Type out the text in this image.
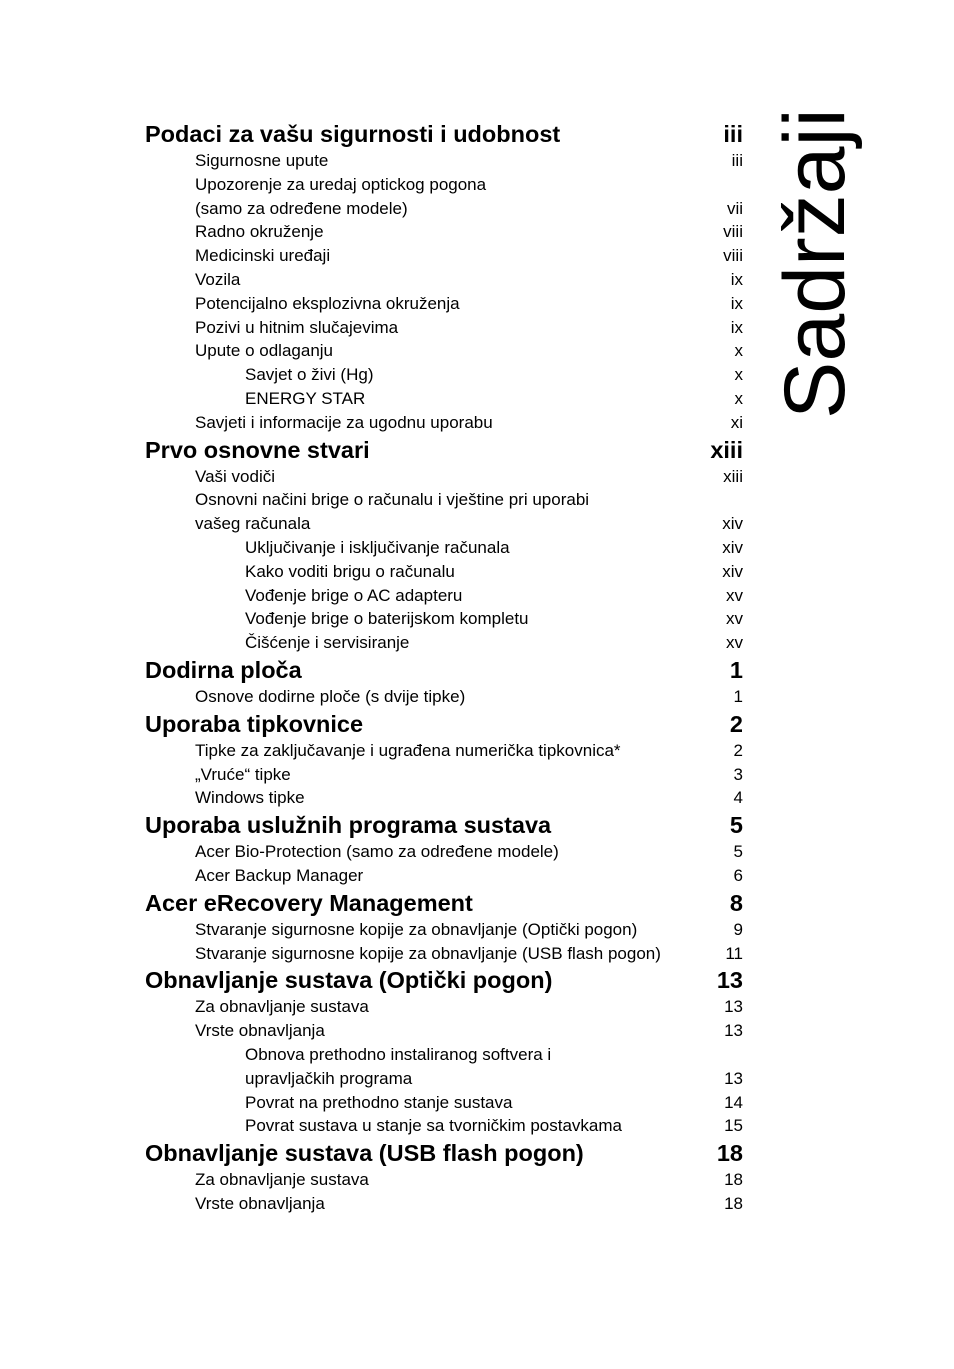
Sadržaji
Podaci za vašu sigurnosti i udobnost	iii
Sigurnosne upute	iii
Upozorenje za uredaj optickog pogona
(samo za određene modele)	vii
Radno okruženje	viii
Medicinski uređaji	viii
Vozila	ix
Potencijalno eksplozivna okruženja	ix
Pozivi u hitnim slučajevima	ix
Upute o odlaganju	x
Savjet o živi (Hg)	x
ENERGY STAR	x
Savjeti i informacije za ugodnu uporabu	xi
Prvo osnovne stvari	xiii
Vaši vodiči	xiii
Osnovni načini brige o računalu i vještine pri uporabi
vašeg računala	xiv
Uključivanje i isključivanje računala	xiv
Kako voditi brigu o računalu	xiv
Vođenje brige o AC adapteru	xv
Vođenje brige o baterijskom kompletu	xv
Čišćenje i servisiranje	xv
Dodirna ploča	1
Osnove dodirne ploče (s dvije tipke)	1
Uporaba tipkovnice	2
Tipke za zaključavanje i ugrađena numerička tipkovnica*	2
„Vruće“ tipke	3
Windows tipke	4
Uporaba uslužnih programa sustava	5
Acer Bio-Protection (samo za određene modele)	5
Acer Backup Manager	6
Acer eRecovery Management	8
Stvaranje sigurnosne kopije za obnavljanje (Optički pogon)	9
Stvaranje sigurnosne kopije za obnavljanje (USB flash pogon)	11
Obnavljanje sustava (Optički pogon)	13
Za obnavljanje sustava	13
Vrste obnavljanja	13
Obnova prethodno instaliranog softvera i
upravljačkih programa	13
Povrat na prethodno stanje sustava	14
Povrat sustava u stanje sa tvorničkim postavkama	15
Obnavljanje sustava (USB flash pogon)	18
Za obnavljanje sustava	18
Vrste obnavljanja	18
